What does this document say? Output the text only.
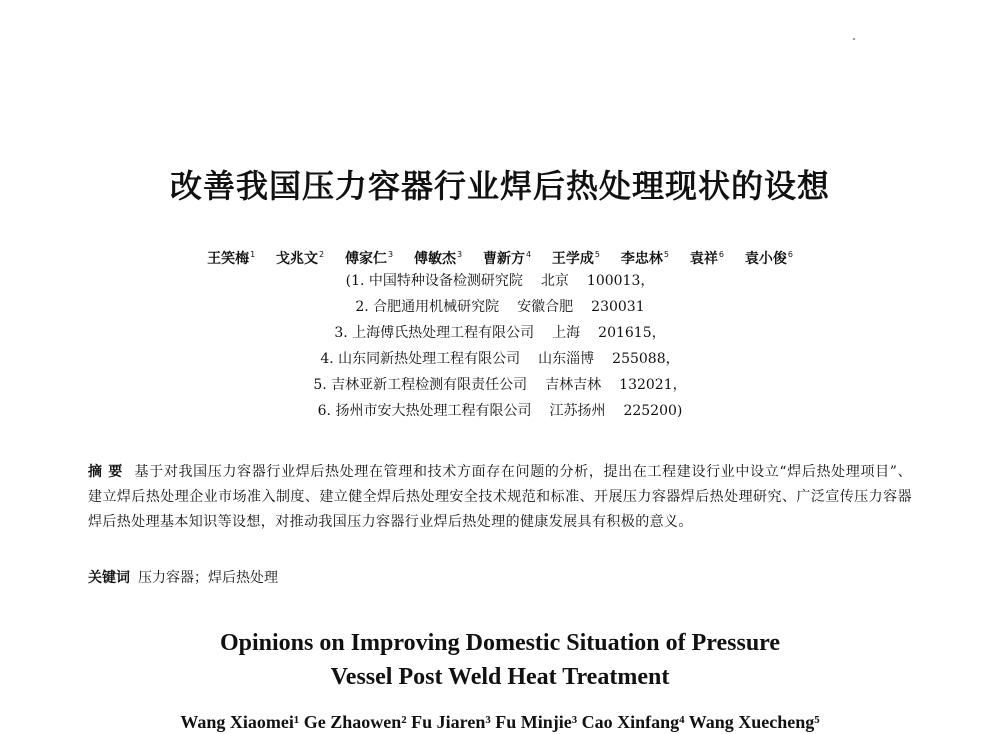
改善我国压力容器行业焊后热处理现状的设想
王笑梅$^1$ 戈兆文$^2$ 傅家仁$^3$ 傅敏杰$^3$ 曹新方$^4$ 王学成$^5$ 李忠林$^5$ 袁祥$^6$ 袁小俊$^6$
(1. 中国特种设备检测研究院 北京 100013，
2. 合肥通用机械研究院 安徽合肥 230031
3. 上海傅氏热处理工程有限公司 上海 201615，
4. 山东同新热处理工程有限公司 山东淄博 255088，
5. 吉林亚新工程检测有限责任公司 吉林吉林 132021，
6. 扬州市安大热处理工程有限公司 江苏扬州 225200)
摘要 基于对我国压力容器行业焊后热处理在管理和技术方面存在问题的分析，提出在工程建设行业中设立“焊后热处理项目”、建立焊后热处理企业市场准入制度、建立健全焊后热处理安全技术规范和标准、开展压力容器焊后热处理研究、广泛宣传压力容器焊后热处理基本知识等设想，对推动我国压力容器行业焊后热处理的健康发展具有积极的意义。
关键词 压力容器；焊后热处理
Opinions on Improving Domestic Situation of Pressure
Vessel Post Weld Heat Treatment
Wang Xiaomei¹ Ge Zhaowen² Fu Jiaren³ Fu Minjie³ Cao Xinfang⁴ Wang Xuecheng⁵
